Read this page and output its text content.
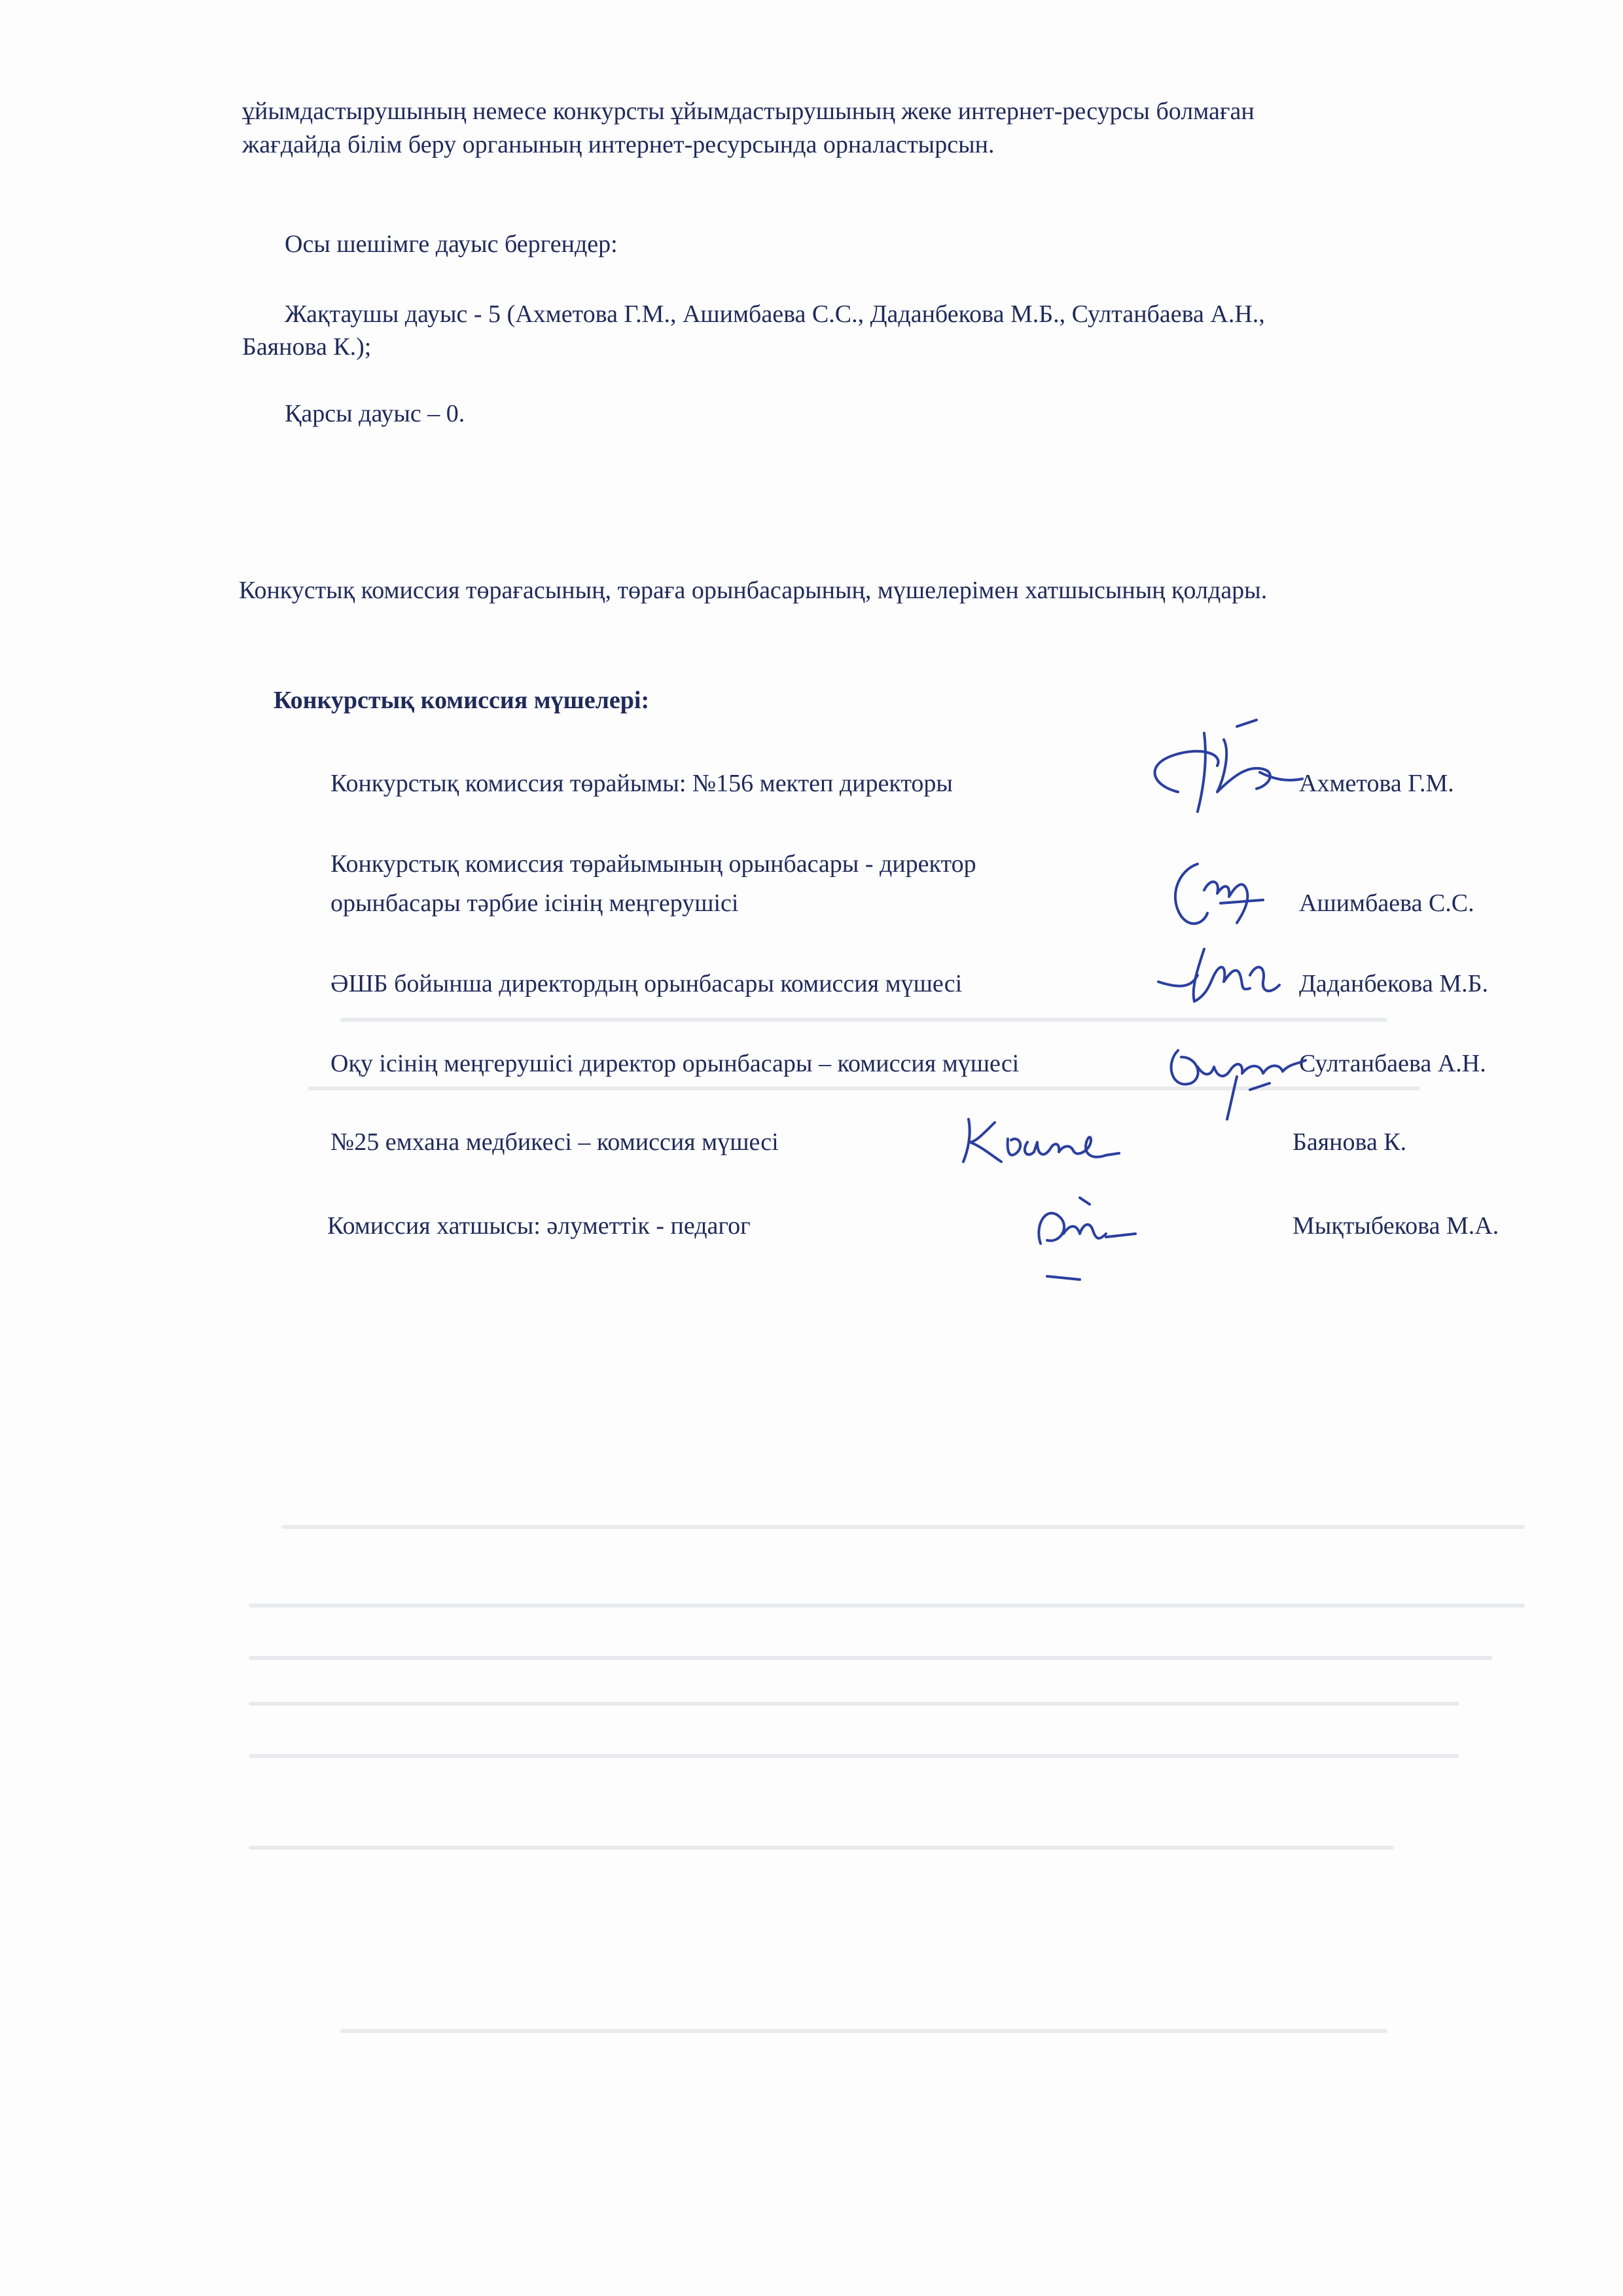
ұйымдастырушының немесе конкурсты ұйымдастырушының жеке интернет-ресурсы болмаған
жағдайда білім беру органының интернет-ресурсында орналастырсын.
Осы шешімге дауыс бергендер:
Жақтаушы дауыс - 5 (Ахметова Г.М., Ашимбаева С.С., Даданбекова М.Б., Султанбаева А.Н.,
Баянова К.);
Қарсы дауыс – 0.
Конкустық комиссия төрағасының, төраға орынбасарының, мүшелерімен хатшысының қолдары.
Конкурстық комиссия мүшелері:
Конкурстық комиссия төрайымы: №156 мектеп директоры	Ахметова Г.М.
Конкурстық комиссия төрайымының орынбасары - директор
орынбасары тәрбие ісінің меңгерушісі	Ашимбаева С.С.
ӘШБ бойынша директордың орынбасары комиссия мүшесі	Даданбекова М.Б.
Оқу ісінің меңгерушісі директор орынбасары – комиссия мүшесі	Султанбаева А.Н.
№25 емхана медбикесі – комиссия мүшесі	Баянова К.
Комиссия хатшысы: әлуметтік - педагог	Мықтыбекова М.А.
